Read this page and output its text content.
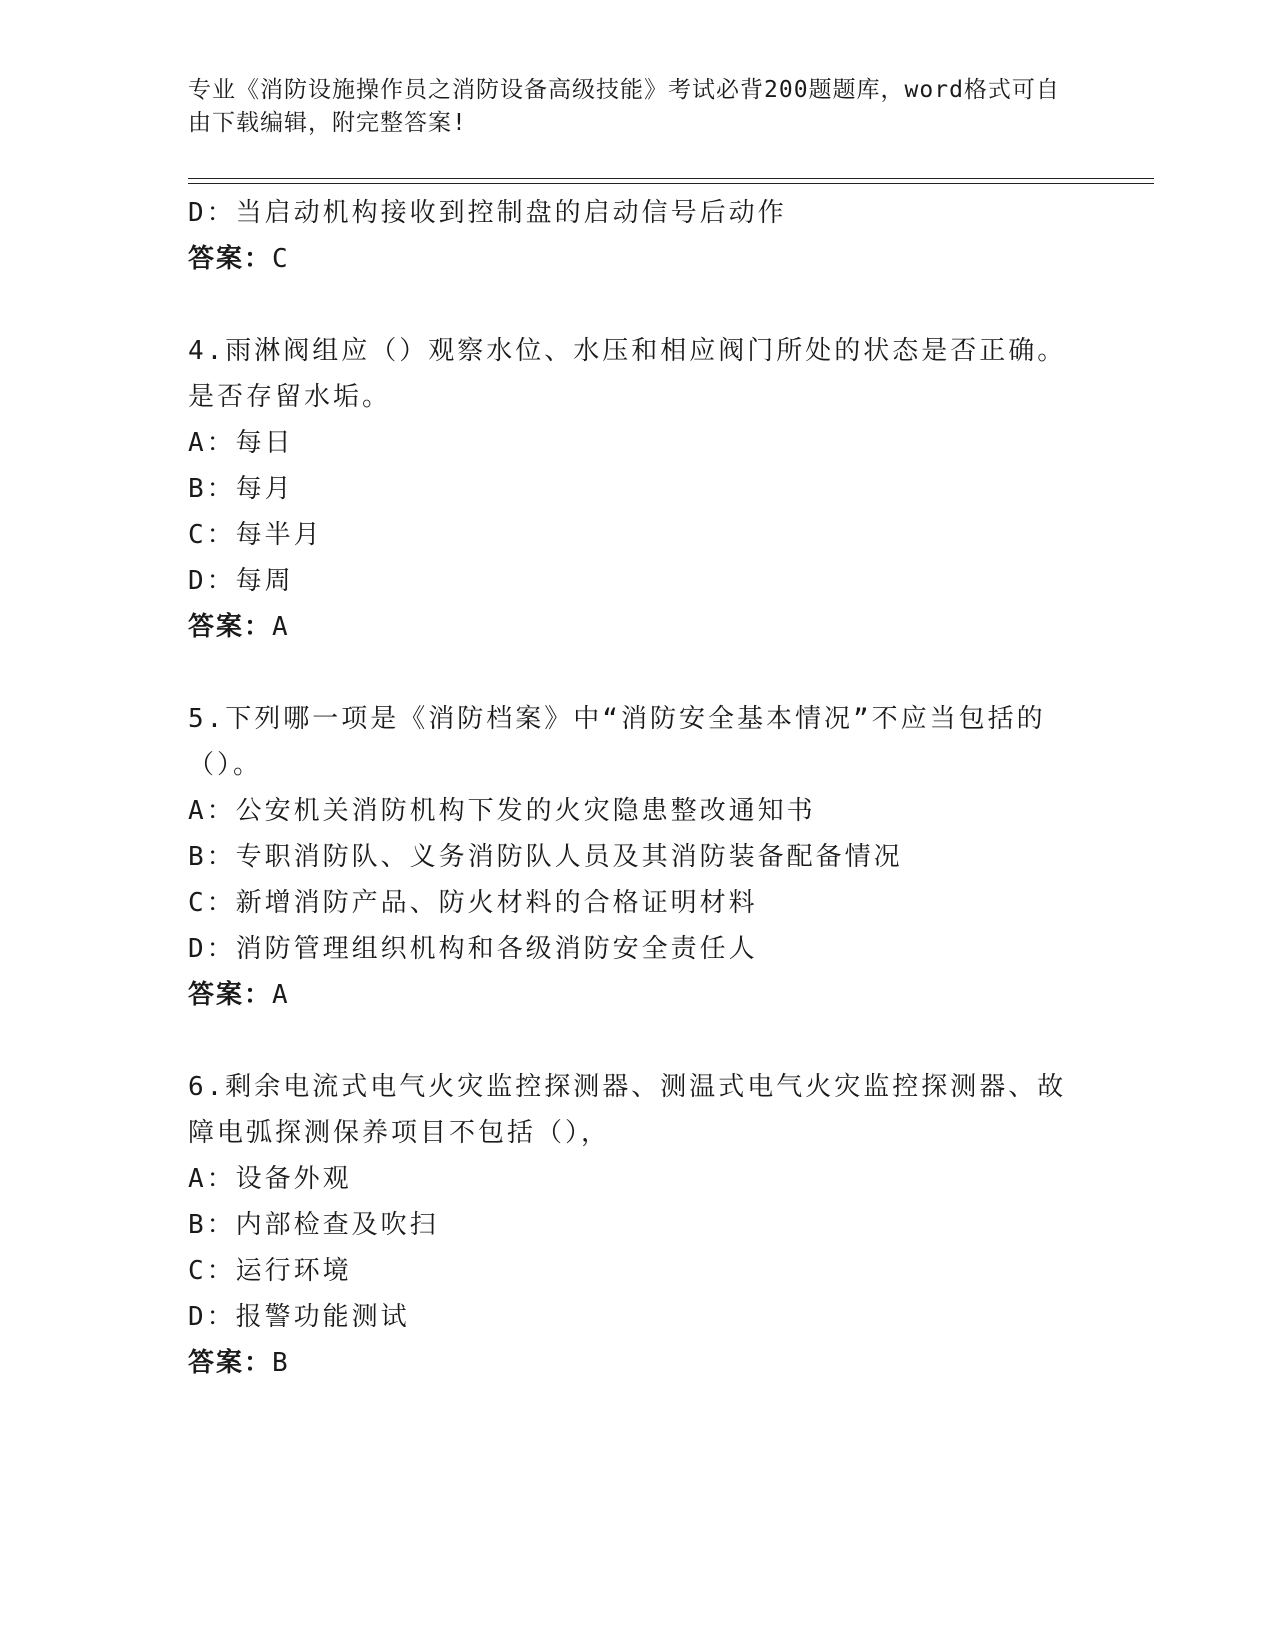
专业《消防设施操作员之消防设备高级技能》考试必背200题题库，word格式可自由下载编辑，附完整答案!
D：当启动机构接收到控制盘的启动信号后动作
答案：C
4.雨淋阀组应（）观察水位、水压和相应阀门所处的状态是否正确。是否存留水垢。
A：每日
B：每月
C：每半月
D：每周
答案：A
5.下列哪一项是《消防档案》中“消防安全基本情况”不应当包括的（）。
A：公安机关消防机构下发的火灾隐患整改通知书
B：专职消防队、义务消防队人员及其消防装备配备情况
C：新增消防产品、防火材料的合格证明材料
D：消防管理组织机构和各级消防安全责任人
答案：A
6.剩余电流式电气火灾监控探测器、测温式电气火灾监控探测器、故障电弧探测保养项目不包括（），
A：设备外观
B：内部检查及吹扫
C：运行环境
D：报警功能测试
答案：B
